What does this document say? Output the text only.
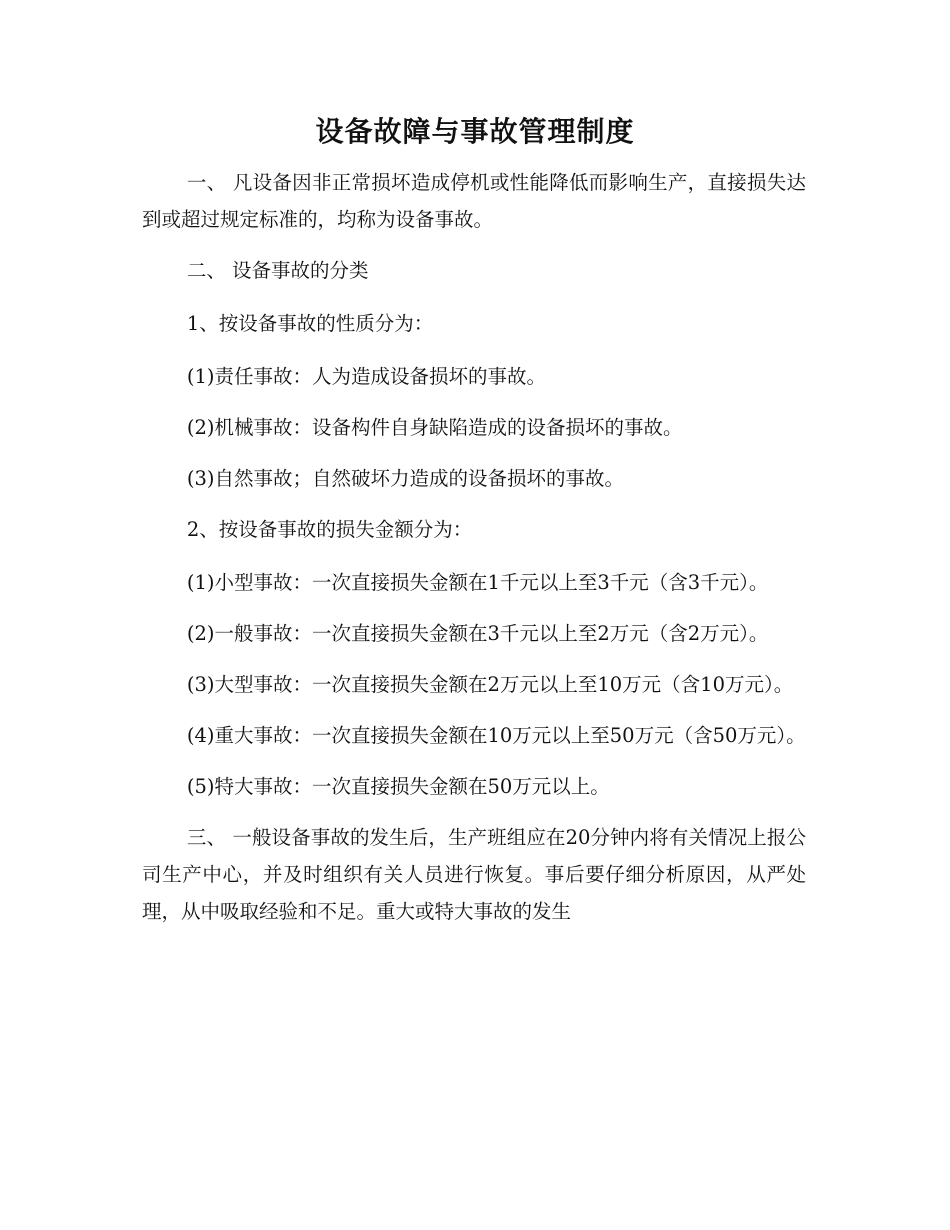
设备故障与事故管理制度

一、 凡设备因非正常损坏造成停机或性能降低而影响生产，直接损失达到或超过规定标准的，均称为设备事故。

二、 设备事故的分类

1、按设备事故的性质分为：

(1)责任事故：人为造成设备损坏的事故。

(2)机械事故：设备构件自身缺陷造成的设备损坏的事故。

(3)自然事故；自然破坏力造成的设备损坏的事故。

2、按设备事故的损失金额分为：

(1)小型事故：一次直接损失金额在1千元以上至3千元（含3千元）。

(2)一般事故：一次直接损失金额在3千元以上至2万元（含2万元）。

(3)大型事故：一次直接损失金额在2万元以上至10万元（含10万元）。

(4)重大事故：一次直接损失金额在10万元以上至50万元（含50万元）。

(5)特大事故：一次直接损失金额在50万元以上。

三、 一般设备事故的发生后，生产班组应在20分钟内将有关情况上报公司生产中心，并及时组织有关人员进行恢复。事后要仔细分析原因，从严处理，从中吸取经验和不足。重大或特大事故的发生
